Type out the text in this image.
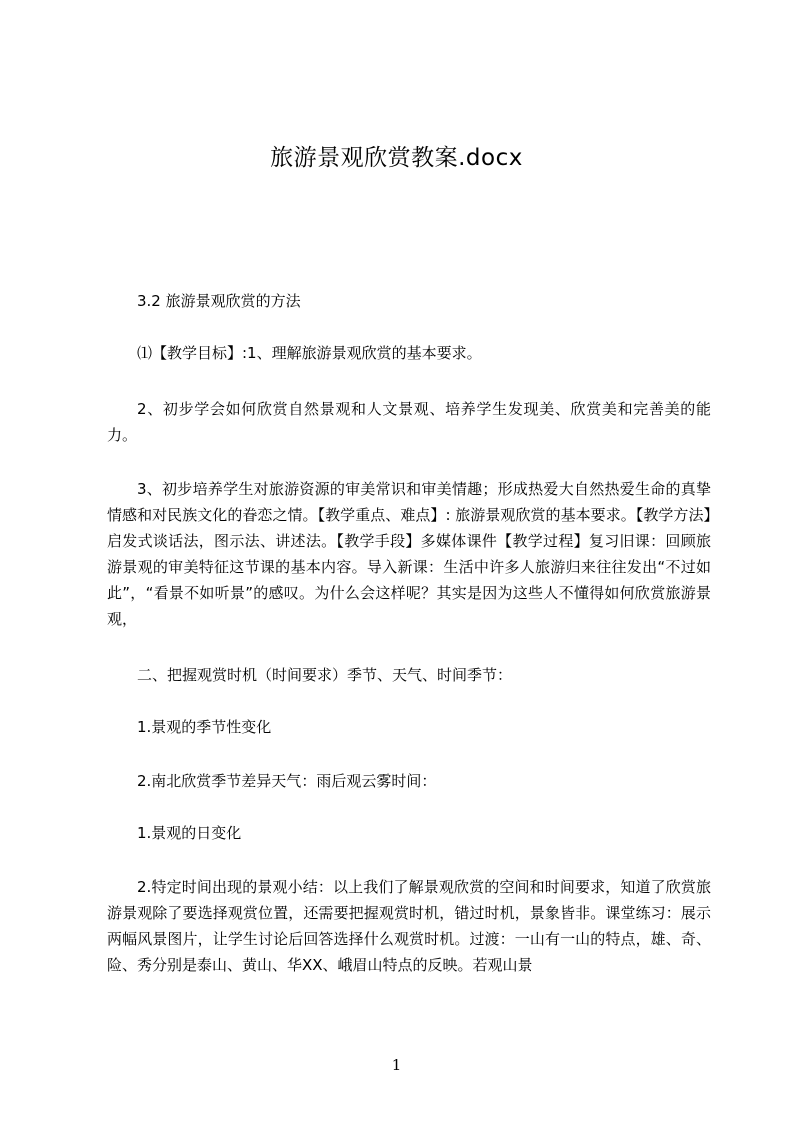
旅游景观欣赏教案.docx

3.2 旅游景观欣赏的方法

⑴【教学目标】:1、理解旅游景观欣赏的基本要求。

2、初步学会如何欣赏自然景观和人文景观、培养学生发现美、欣赏美和完善美的能力。

3、初步培养学生对旅游资源的审美常识和审美情趣；形成热爱大自然热爱生命的真挚情感和对民族文化的眷恋之情。【教学重点、难点】: 旅游景观欣赏的基本要求。【教学方法】启发式谈话法，图示法、讲述法。【教学手段】多媒体课件【教学过程】复习旧课：回顾旅游景观的审美特征这节课的基本内容。导入新课：生活中许多人旅游归来往往发出“不过如此”，“看景不如听景”的感叹。为什么会这样呢？其实是因为这些人不懂得如何欣赏旅游景观，

二、把握观赏时机（时间要求）季节、天气、时间季节：

1.景观的季节性变化

2.南北欣赏季节差异天气：雨后观云雾时间：

1.景观的日变化

2.特定时间出现的景观小结：以上我们了解景观欣赏的空间和时间要求，知道了欣赏旅游景观除了要选择观赏位置，还需要把握观赏时机，错过时机，景象皆非。课堂练习：展示两幅风景图片，让学生讨论后回答选择什么观赏时机。过渡：一山有一山的特点，雄、奇、险、秀分别是泰山、黄山、华XX、峨眉山特点的反映。若观山景

1
